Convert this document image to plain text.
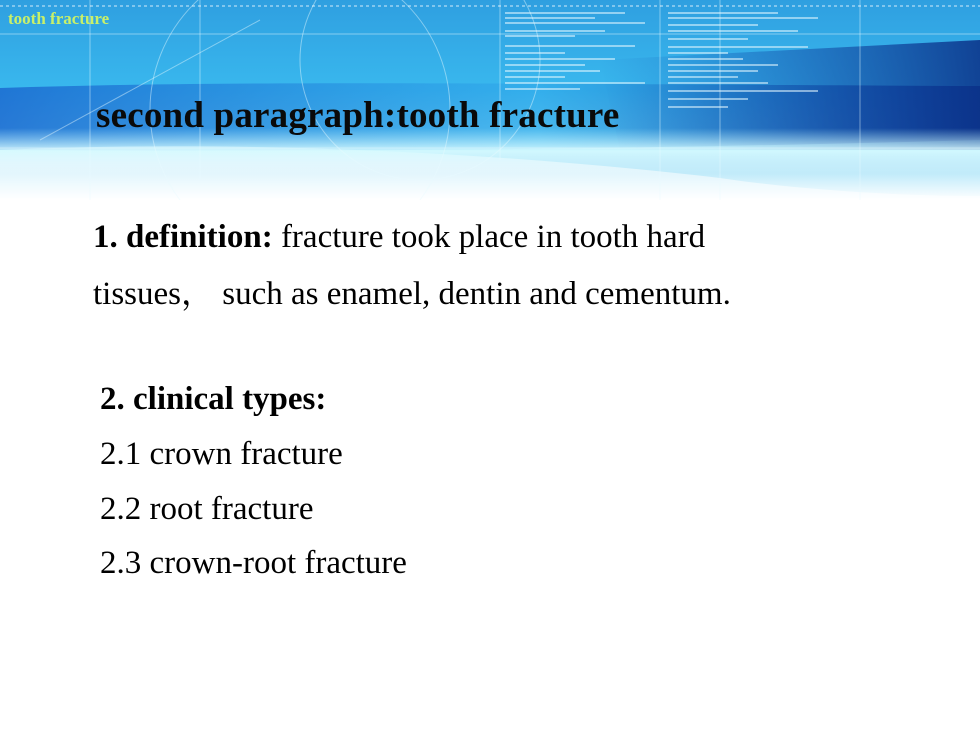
tooth fracture
second paragraph:tooth fracture
1. definition: fracture took place in tooth hard
tissues， such as enamel, dentin and cementum.
2. clinical types:
2.1 crown fracture
2.2 root fracture
2.3 crown-root fracture
